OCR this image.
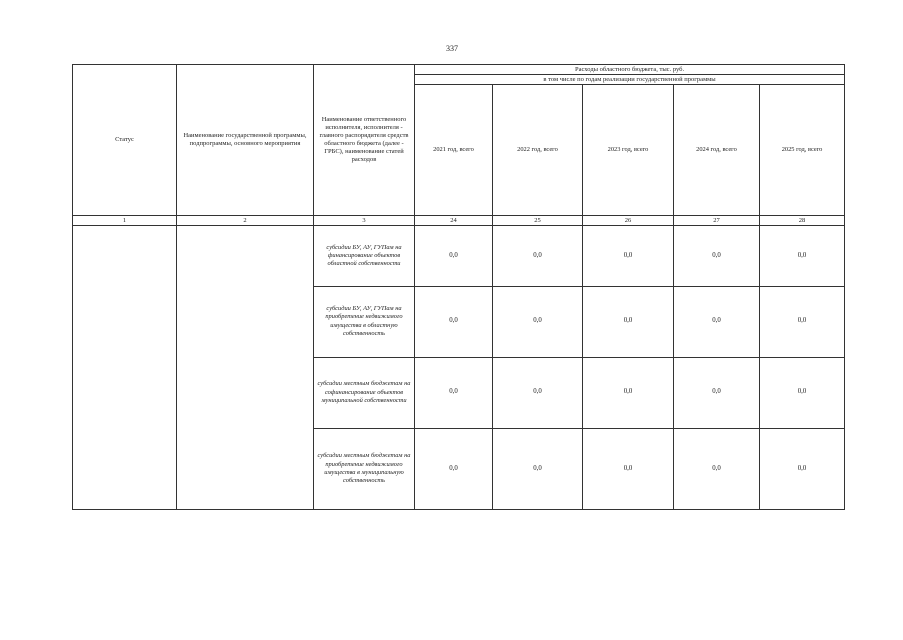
337
Статус	Наименование государственной программы, подпрограммы, основного мероприятия	Наименование ответственного исполнителя, исполнителя - главного распорядителя средств областного бюджета (далее - ГРБС), наименование статей расходов	Расходы областного бюджета, тыс. руб.				
			в том числе по годам реализации государственной программы				
			2021 год, всего	2022 год, всего	2023 год, всего	2024 год, всего	2025 год, всего
1	2	3	24	25	26	27	28
		субсидии БУ, АУ, ГУПам на финансирование объектов областной собственности	0,0	0,0	0,0	0,0	0,0
		субсидии БУ, АУ, ГУПам на приобретение недвижимого имущества в областную собственность	0,0	0,0	0,0	0,0	0,0
		субсидии местным бюджетам на софинансирование объектов муниципальной собственности	0,0	0,0	0,0	0,0	0,0
		субсидии местным бюджетам на приобретение недвижимого имущества в муниципальную собственность	0,0	0,0	0,0	0,0	0,0
